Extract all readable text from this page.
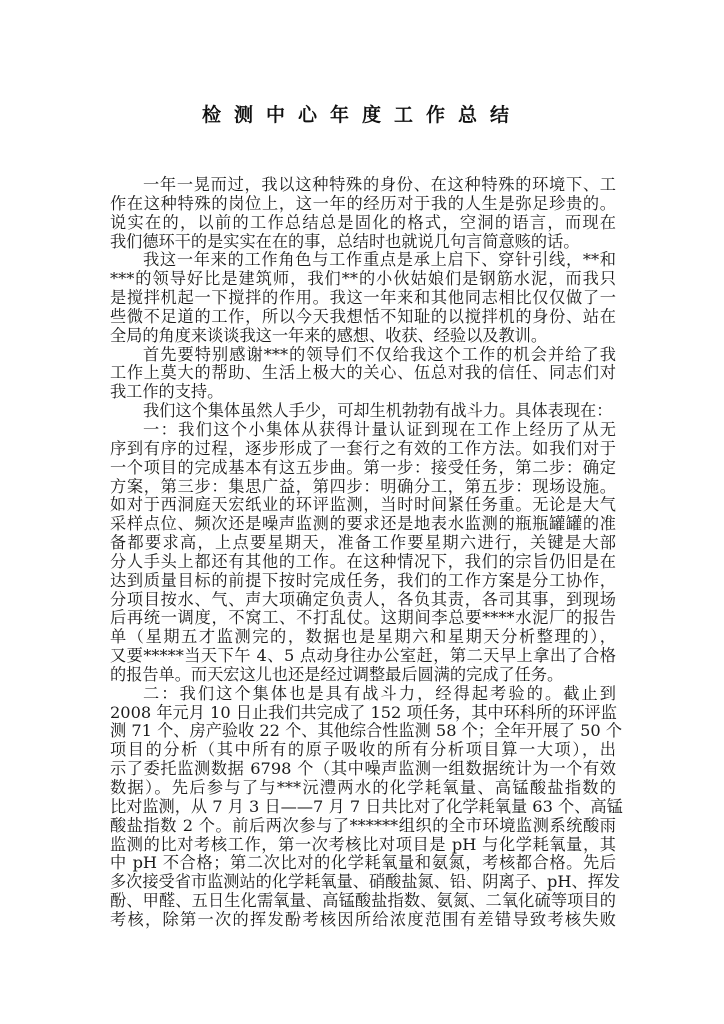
检测中心年度工作总结
一年一晃而过，我以这种特殊的身份、在这种特殊的环境下、工
作在这种特殊的岗位上，这一年的经历对于我的人生是弥足珍贵的。
说实在的，以前的工作总结总是固化的格式，空洞的语言，而现在
我们德环干的是实实在在的事，总结时也就说几句言简意赅的话。
我这一年来的工作角色与工作重点是承上启下、穿针引线，**和
***的领导好比是建筑师，我们**的小伙姑娘们是钢筋水泥，而我只
是搅拌机起一下搅拌的作用。我这一年来和其他同志相比仅仅做了一
些微不足道的工作，所以今天我想恬不知耻的以搅拌机的身份、站在
全局的角度来谈谈我这一年来的感想、收获、经验以及教训。
首先要特别感谢***的领导们不仅给我这个工作的机会并给了我
工作上莫大的帮助、生活上极大的关心、伍总对我的信任、同志们对
我工作的支持。
我们这个集体虽然人手少，可却生机勃勃有战斗力。具体表现在：
一：我们这个小集体从获得计量认证到现在工作上经历了从无
序到有序的过程，逐步形成了一套行之有效的工作方法。如我们对于
一个项目的完成基本有这五步曲。第一步：接受任务，第二步：确定
方案，第三步：集思广益，第四步：明确分工，第五步：现场设施。
如对于西洞庭天宏纸业的环评监测，当时时间紧任务重。无论是大气
采样点位、频次还是噪声监测的要求还是地表水监测的瓶瓶罐罐的准
备都要求高，上点要星期天，准备工作要星期六进行，关键是大部
分人手头上都还有其他的工作。在这种情况下，我们的宗旨仍旧是在
达到质量目标的前提下按时完成任务，我们的工作方案是分工协作，
分项目按水、气、声大项确定负责人，各负其责，各司其事，到现场
后再统一调度，不窝工、不打乱仗。这期间李总要****水泥厂的报告
单（星期五才监测完的，数据也是星期六和星期天分析整理的），
又要*****当天下午 4、5 点动身往办公室赶，第二天早上拿出了合格
的报告单。而天宏这儿也还是经过调整最后圆满的完成了任务。
二：我们这个集体也是具有战斗力，经得起考验的。截止到
2008 年元月 10 日止我们共完成了 152 项任务，其中环科所的环评监
测 71 个、房产验收 22 个、其他综合性监测 58 个；全年开展了 50 个
项目的分析（其中所有的原子吸收的所有分析项目算一大项），出
示了委托监测数据 6798 个（其中噪声监测一组数据统计为一个有效
数据）。先后参与了与***沅澧两水的化学耗氧量、高锰酸盐指数的
比对监测，从 7 月 3 日——7 月 7 日共比对了化学耗氧量 63 个、高锰
酸盐指数 2 个。前后两次参与了******组织的全市环境监测系统酸雨
监测的比对考核工作，第一次考核比对项目是 pH 与化学耗氧量，其
中 pH 不合格；第二次比对的化学耗氧量和氨氮，考核都合格。先后
多次接受省市监测站的化学耗氧量、硝酸盐氮、铅、阴离子、pH、挥发
酚、甲醛、五日生化需氧量、高锰酸盐指数、氨氮、二氧化硫等项目的
考核，除第一次的挥发酚考核因所给浓度范围有差错导致考核失败
